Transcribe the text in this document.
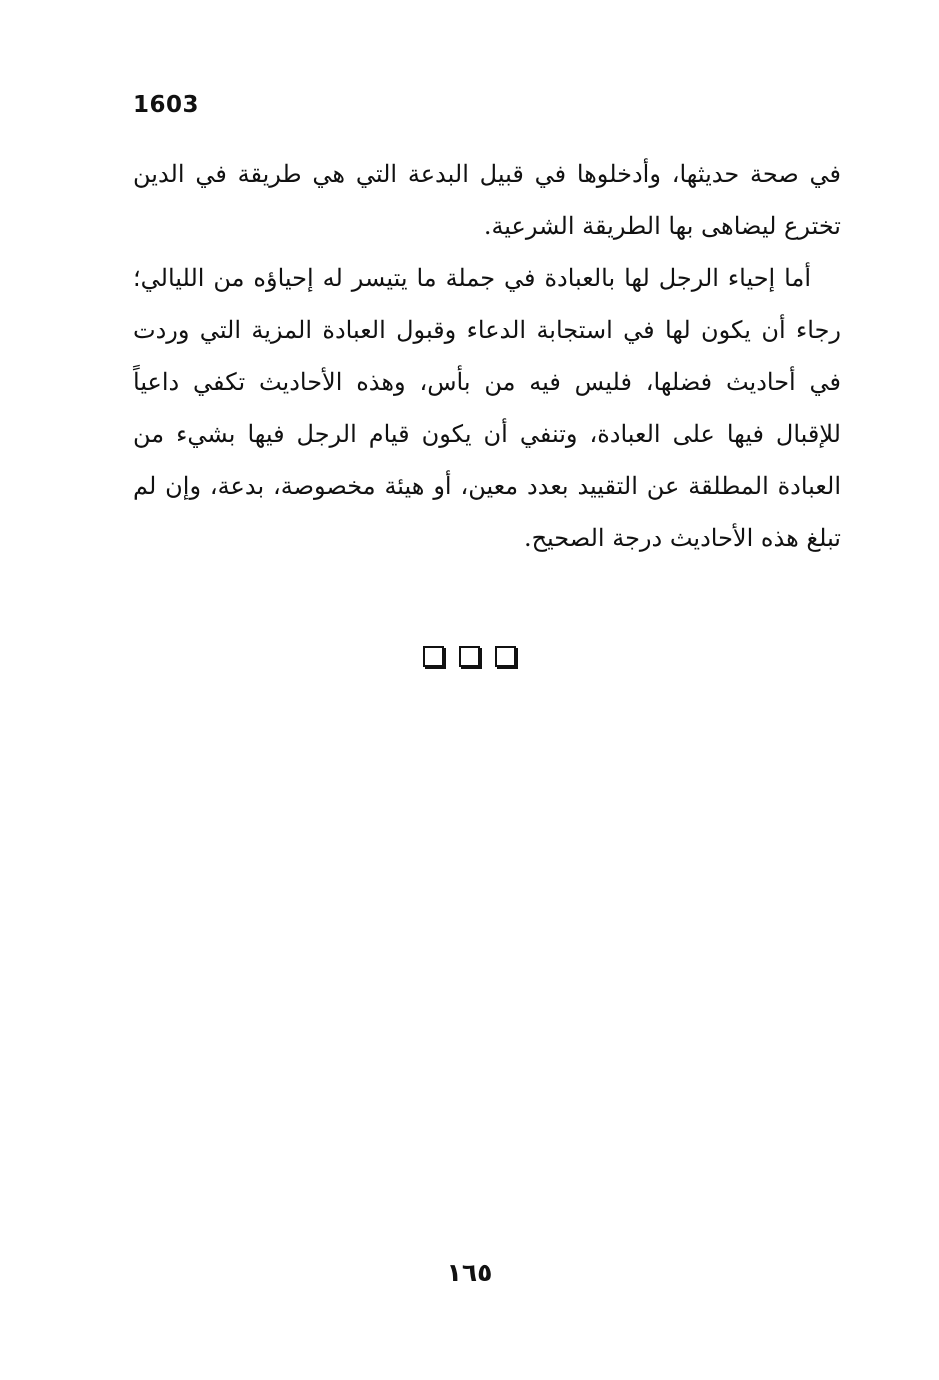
1603

في صحة حديثها، وأدخلوها في قبيل البدعة التي هي طريقة في الدين تخترع ليضاهى بها الطريقة الشرعية.

أما إحياء الرجل لها بالعبادة في جملة ما يتيسر له إحياؤه من الليالي؛ رجاء أن يكون لها في استجابة الدعاء وقبول العبادة المزية التي وردت في أحاديث فضلها، فليس فيه من بأس، وهذه الأحاديث تكفي داعياً للإقبال فيها على العبادة، وتنفي أن يكون قيام الرجل فيها بشيء من العبادة المطلقة عن التقييد بعدد معين، أو هيئة مخصوصة، بدعة، وإن لم تبلغ هذه الأحاديث درجة الصحيح.

١٦٥
